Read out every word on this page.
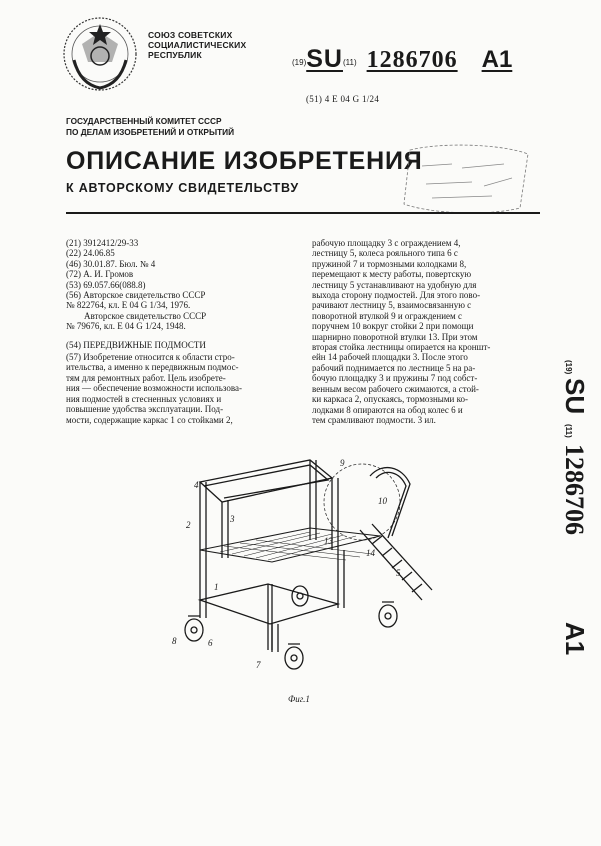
СОЮЗ СОВЕТСКИХ
СОЦИАЛИСТИЧЕСКИХ
РЕСПУБЛИК
(19)SU(11) 1286706 A1
(51) 4 Е 04 G 1/24
ГОСУДАРСТВЕННЫЙ КОМИТЕТ СССР
ПО ДЕЛАМ ИЗОБРЕТЕНИЙ И ОТКРЫТИЙ
ОПИСАНИЕ ИЗОБРЕТЕНИЯ
К АВТОРСКОМУ СВИДЕТЕЛЬСТВУ
(21) 3912412/29-33
(22) 24.06.85
(46) 30.01.87. Бюл. № 4
(72) А. И. Громов
(53) 69.057.66(088.8)
(56) Авторское свидетельство СССР
№ 822764, кл. Е 04 G 1/34, 1976.
Авторское свидетельство СССР
№ 79676, кл. Е 04 G 1/24, 1948.
(54) ПЕРЕДВИЖНЫЕ ПОДМОСТИ
(57) Изобретение относится к области стро-
ительства, а именно к передвижным подмос-
тям для ремонтных работ. Цель изобрете-
ния — обеспечение возможности использова-
ния подмостей в стесненных условиях и
повышение удобства эксплуатации. Под-
мости, содержащие каркас 1 со стойками 2,
рабочую площадку 3 с ограждением 4,
лестницу 5, колеса рояльного типа 6 с
пружиной 7 и тормозными колодками 8,
перемещают к месту работы, повертскую
лестницу 5 устанавливают на удобную для
выхода сторону подмостей. Для этого пово-
рачивают лестницу 5, взаимосвязанную с
поворотной втулкой 9 и ограждением с
поручнем 10 вокруг стойки 2 при помощи
шарнирно поворотной втулки 13. При этом
вторая стойка лестницы опирается на кроншт-
ейн 14 рабочей площадки 3. После этого
рабочий поднимается по лестнице 5 на ра-
бочую площадку 3 и пружины 7 под собст-
венным весом рабочего сжимаются, а стой-
ки каркаса 2, опускаясь, тормозными ко-
лодками 8 опираются на обод колес 6 и
тем срамливают подмости. 3 ил.
(19)
SU
(11)
1286706
A1
1
2
3
4
5
6
7
8
9
10
13
14
Фиг.1
